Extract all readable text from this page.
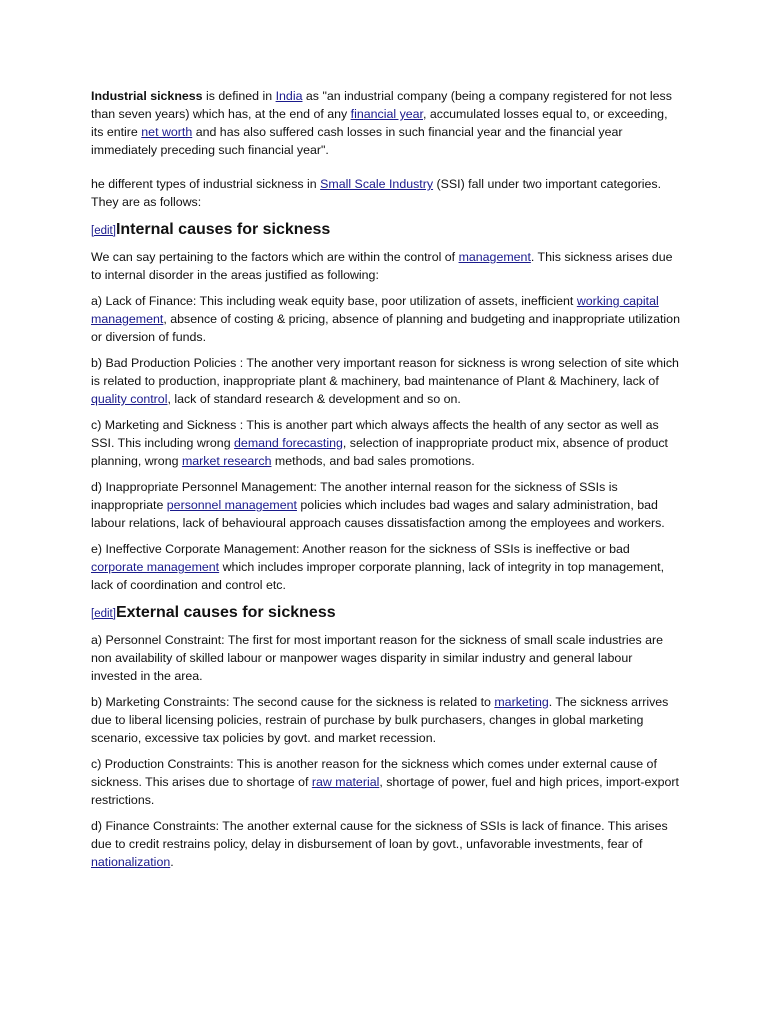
Industrial sickness is defined in India as "an industrial company (being a company registered for not less than seven years) which has, at the end of any financial year, accumulated losses equal to, or exceeding, its entire net worth and has also suffered cash losses in such financial year and the financial year immediately preceding such financial year".

he different types of industrial sickness in Small Scale Industry (SSI) fall under two important categories. They are as follows:

[edit]Internal causes for sickness

We can say pertaining to the factors which are within the control of management. This sickness arises due to internal disorder in the areas justified as following:

a) Lack of Finance: This including weak equity base, poor utilization of assets, inefficient working capital management, absence of costing & pricing, absence of planning and budgeting and inappropriate utilization or diversion of funds.

b) Bad Production Policies : The another very important reason for sickness is wrong selection of site which is related to production, inappropriate plant & machinery, bad maintenance of Plant & Machinery, lack of quality control, lack of standard research & development and so on.

c) Marketing and Sickness : This is another part which always affects the health of any sector as well as SSI. This including wrong demand forecasting, selection of inappropriate product mix, absence of product planning, wrong market research methods, and bad sales promotions.

d) Inappropriate Personnel Management: The another internal reason for the sickness of SSIs is inappropriate personnel management policies which includes bad wages and salary administration, bad labour relations, lack of behavioural approach causes dissatisfaction among the employees and workers.

e) Ineffective Corporate Management: Another reason for the sickness of SSIs is ineffective or bad corporate management which includes improper corporate planning, lack of integrity in top management, lack of coordination and control etc.

[edit]External causes for sickness

a) Personnel Constraint: The first for most important reason for the sickness of small scale industries are non availability of skilled labour or manpower wages disparity in similar industry and general labour invested in the area.

b) Marketing Constraints: The second cause for the sickness is related to marketing. The sickness arrives due to liberal licensing policies, restrain of purchase by bulk purchasers, changes in global marketing scenario, excessive tax policies by govt. and market recession.

c) Production Constraints: This is another reason for the sickness which comes under external cause of sickness. This arises due to shortage of raw material, shortage of power, fuel and high prices, import-export restrictions.

d) Finance Constraints: The another external cause for the sickness of SSIs is lack of finance. This arises due to credit restrains policy, delay in disbursement of loan by govt., unfavorable investments, fear of nationalization.
